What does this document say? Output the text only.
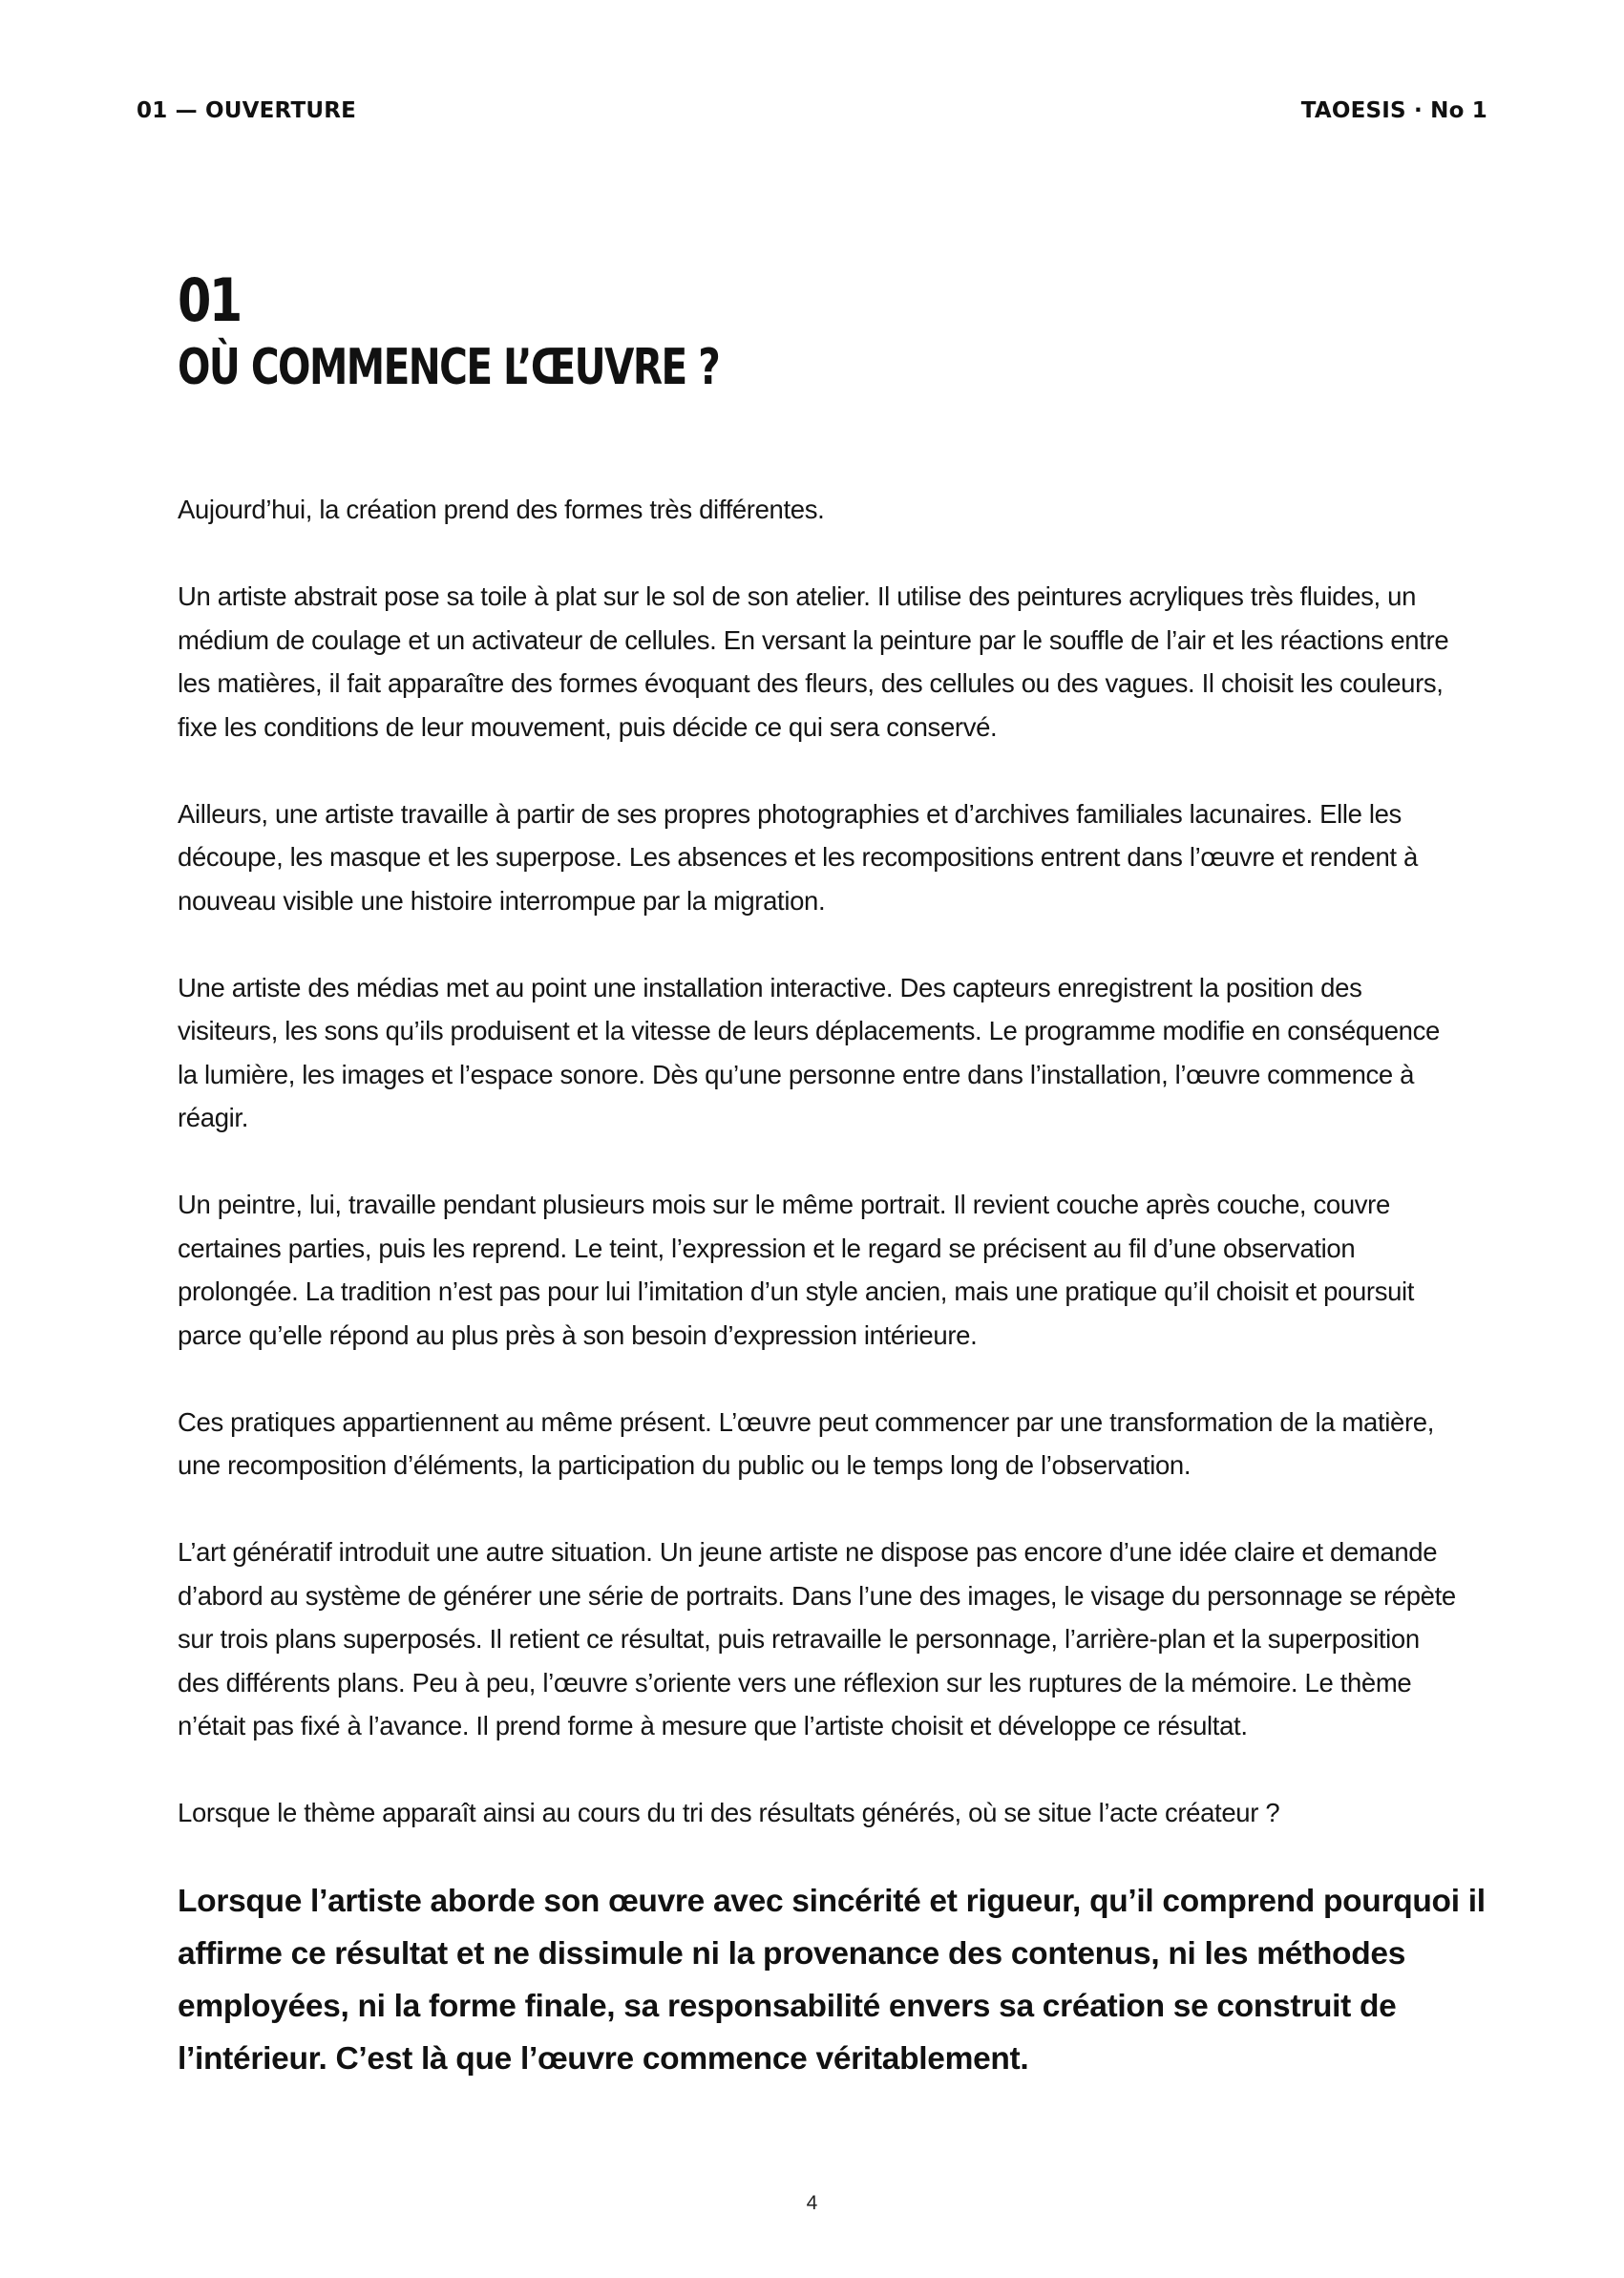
01 — OUVERTURE	TAOESIS · No 1
01
OÙ COMMENCE L’ŒUVRE ?

Aujourd’hui, la création prend des formes très différentes.

Un artiste abstrait pose sa toile à plat sur le sol de son atelier. Il utilise des peintures acryliques très fluides, un médium de coulage et un activateur de cellules. En versant la peinture par le souffle de l’air et les réactions entre les matières, il fait apparaître des formes évoquant des fleurs, des cellules ou des vagues. Il choisit les couleurs, fixe les conditions de leur mouvement, puis décide ce qui sera conservé.

Ailleurs, une artiste travaille à partir de ses propres photographies et d’archives familiales lacunaires. Elle les découpe, les masque et les superpose. Les absences et les recompositions entrent dans l’œuvre et rendent à nouveau visible une histoire interrompue par la migration.

Une artiste des médias met au point une installation interactive. Des capteurs enregistrent la position des visiteurs, les sons qu’ils produisent et la vitesse de leurs déplacements. Le programme modifie en conséquence la lumière, les images et l’espace sonore. Dès qu’une personne entre dans l’installation, l’œuvre commence à réagir.

Un peintre, lui, travaille pendant plusieurs mois sur le même portrait. Il revient couche après couche, couvre certaines parties, puis les reprend. Le teint, l’expression et le regard se précisent au fil d’une observation prolongée. La tradition n’est pas pour lui l’imitation d’un style ancien, mais une pratique qu’il choisit et poursuit parce qu’elle répond au plus près à son besoin d’expression intérieure.

Ces pratiques appartiennent au même présent. L’œuvre peut commencer par une transformation de la matière, une recomposition d’éléments, la participation du public ou le temps long de l’observation.

L’art génératif introduit une autre situation. Un jeune artiste ne dispose pas encore d’une idée claire et demande d’abord au système de générer une série de portraits. Dans l’une des images, le visage du personnage se répète sur trois plans superposés. Il retient ce résultat, puis retravaille le personnage, l’arrière-plan et la superposition des différents plans. Peu à peu, l’œuvre s’oriente vers une réflexion sur les ruptures de la mémoire. Le thème n’était pas fixé à l’avance. Il prend forme à mesure que l’artiste choisit et développe ce résultat.

Lorsque le thème apparaît ainsi au cours du tri des résultats générés, où se situe l’acte créateur ?

Lorsque l’artiste aborde son œuvre avec sincérité et rigueur, qu’il comprend pourquoi il affirme ce résultat et ne dissimule ni la provenance des contenus, ni les méthodes employées, ni la forme finale, sa responsabilité envers sa création se construit de l’intérieur. C’est là que l’œuvre commence véritablement.

4
